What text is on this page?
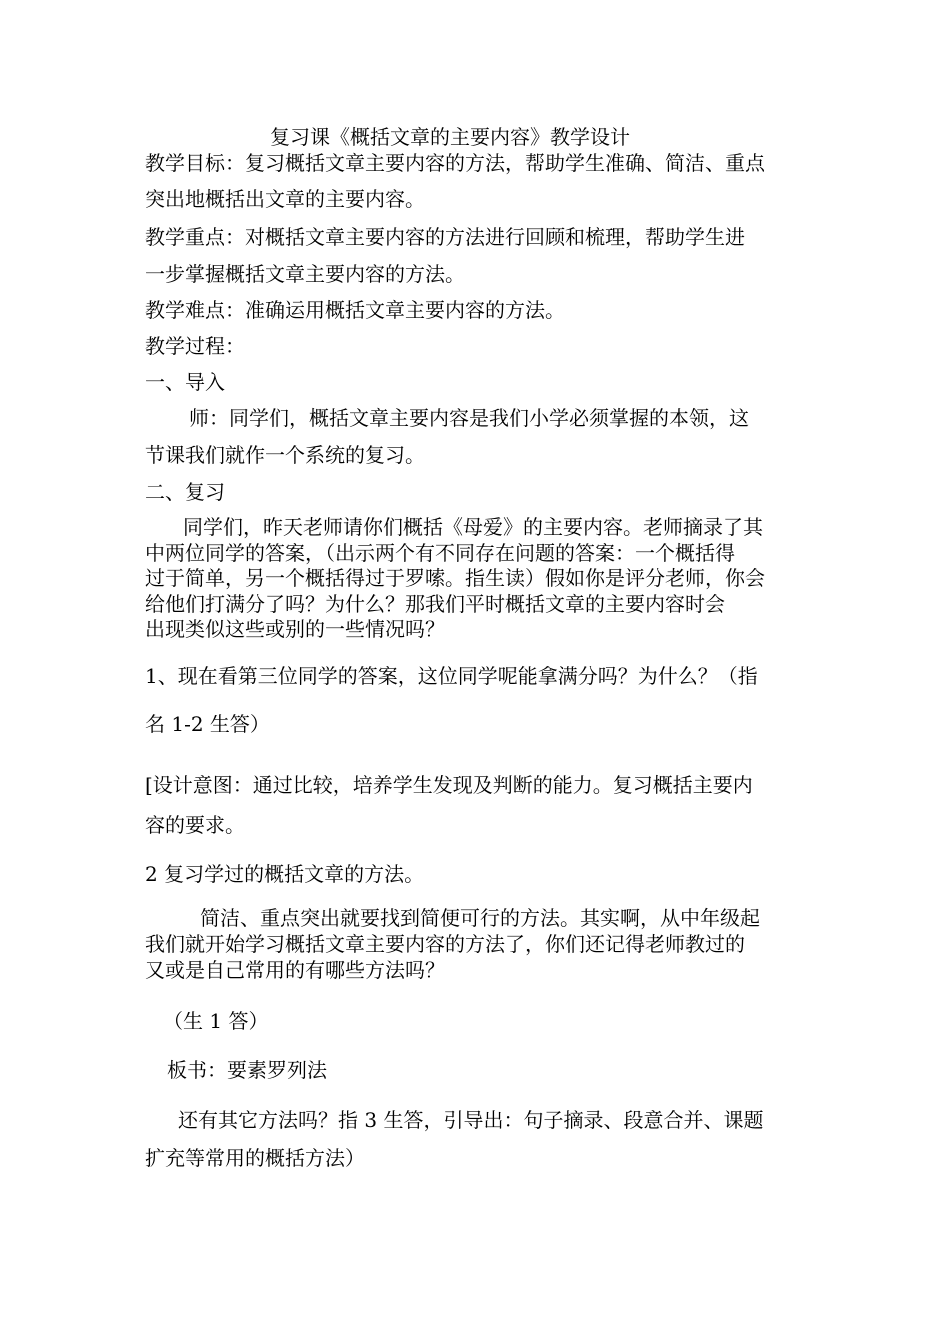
复习课《概括文章的主要内容》教学设计
教学目标：复习概括文章主要内容的方法，帮助学生准确、简洁、重点
突出地概括出文章的主要内容。
教学重点：对概括文章主要内容的方法进行回顾和梳理，帮助学生进
一步掌握概括文章主要内容的方法。
教学难点：准确运用概括文章主要内容的方法。
教学过程：
一、导入
师：同学们，概括文章主要内容是我们小学必须掌握的本领，这
节课我们就作一个系统的复习。
二、复习
同学们，昨天老师请你们概括《母爱》的主要内容。老师摘录了其
中两位同学的答案，（出示两个有不同存在问题的答案：一个概括得
过于简单，另一个概括得过于罗嗦。指生读）假如你是评分老师，你会
给他们打满分了吗？为什么？那我们平时概括文章的主要内容时会
出现类似这些或别的一些情况吗？
1、现在看第三位同学的答案，这位同学呢能拿满分吗？为什么？（指
名 1-2 生答）
[设计意图：通过比较，培养学生发现及判断的能力。复习概括主要内
容的要求。
2 复习学过的概括文章的方法。
简洁、重点突出就要找到简便可行的方法。其实啊，从中年级起
我们就开始学习概括文章主要内容的方法了，你们还记得老师教过的
又或是自己常用的有哪些方法吗？
（生 1 答）
板书：要素罗列法
还有其它方法吗？指 3 生答，引导出：句子摘录、段意合并、课题
扩充等常用的概括方法）
